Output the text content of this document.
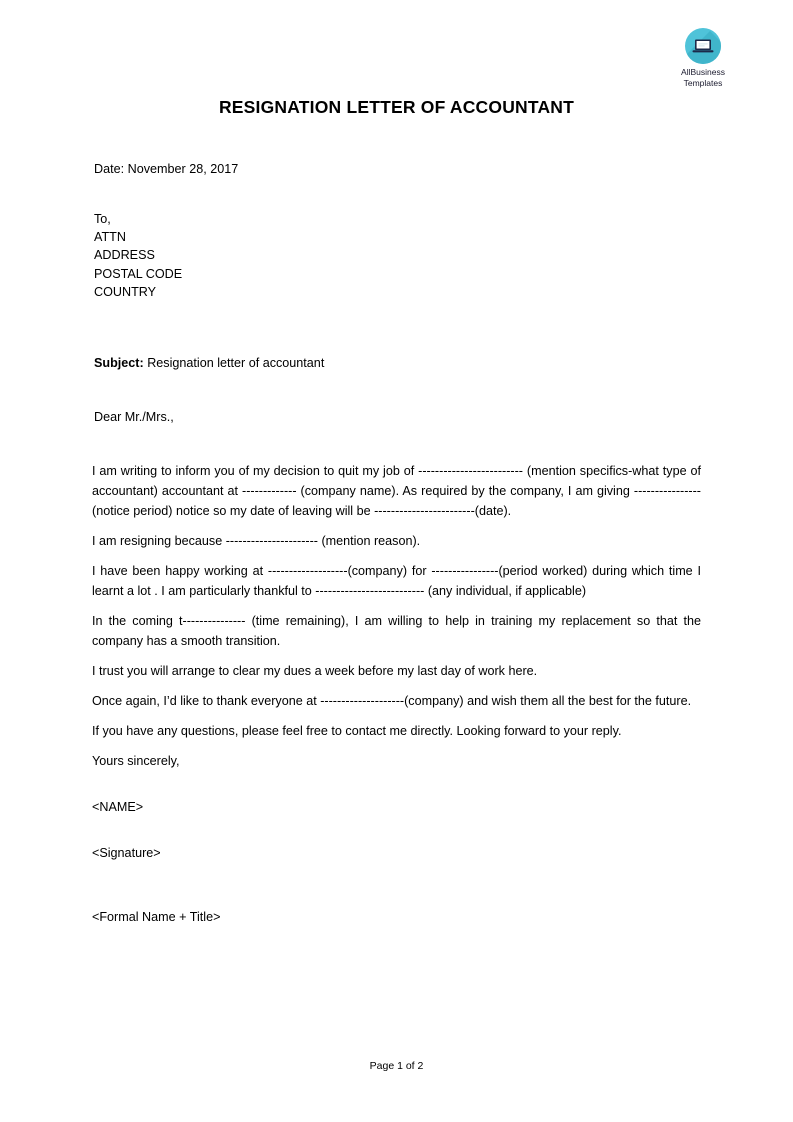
AllBusiness
Templates
RESIGNATION LETTER OF ACCOUNTANT
Date: November 28, 2017
To,
ATTN
ADDRESS
POSTAL CODE
COUNTRY
Subject: Resignation letter of accountant
Dear Mr./Mrs.,

I am writing to inform you of my decision to quit my job of ------------------------- (mention specifics-what type of accountant) accountant at ------------- (company name). As required by the company, I am giving ---------------- (notice period) notice so my date of leaving will be ------------------------(date).

I am resigning because ---------------------- (mention reason).

I have been happy working at -------------------(company) for ----------------(period worked) during which time I learnt a lot . I am particularly thankful to -------------------------- (any individual, if applicable)

In the coming t--------------- (time remaining), I am willing to help in training my replacement so that the company has a smooth transition.

I trust you will arrange to clear my dues a week before my last day of work here.

Once again, I’d like to thank everyone at --------------------(company) and wish them all the best for the future.

If you have any questions, please feel free to contact me directly. Looking forward to your reply.

Yours sincerely,
<NAME>
<Signature>
<Formal Name + Title>
Page 1 of 2
